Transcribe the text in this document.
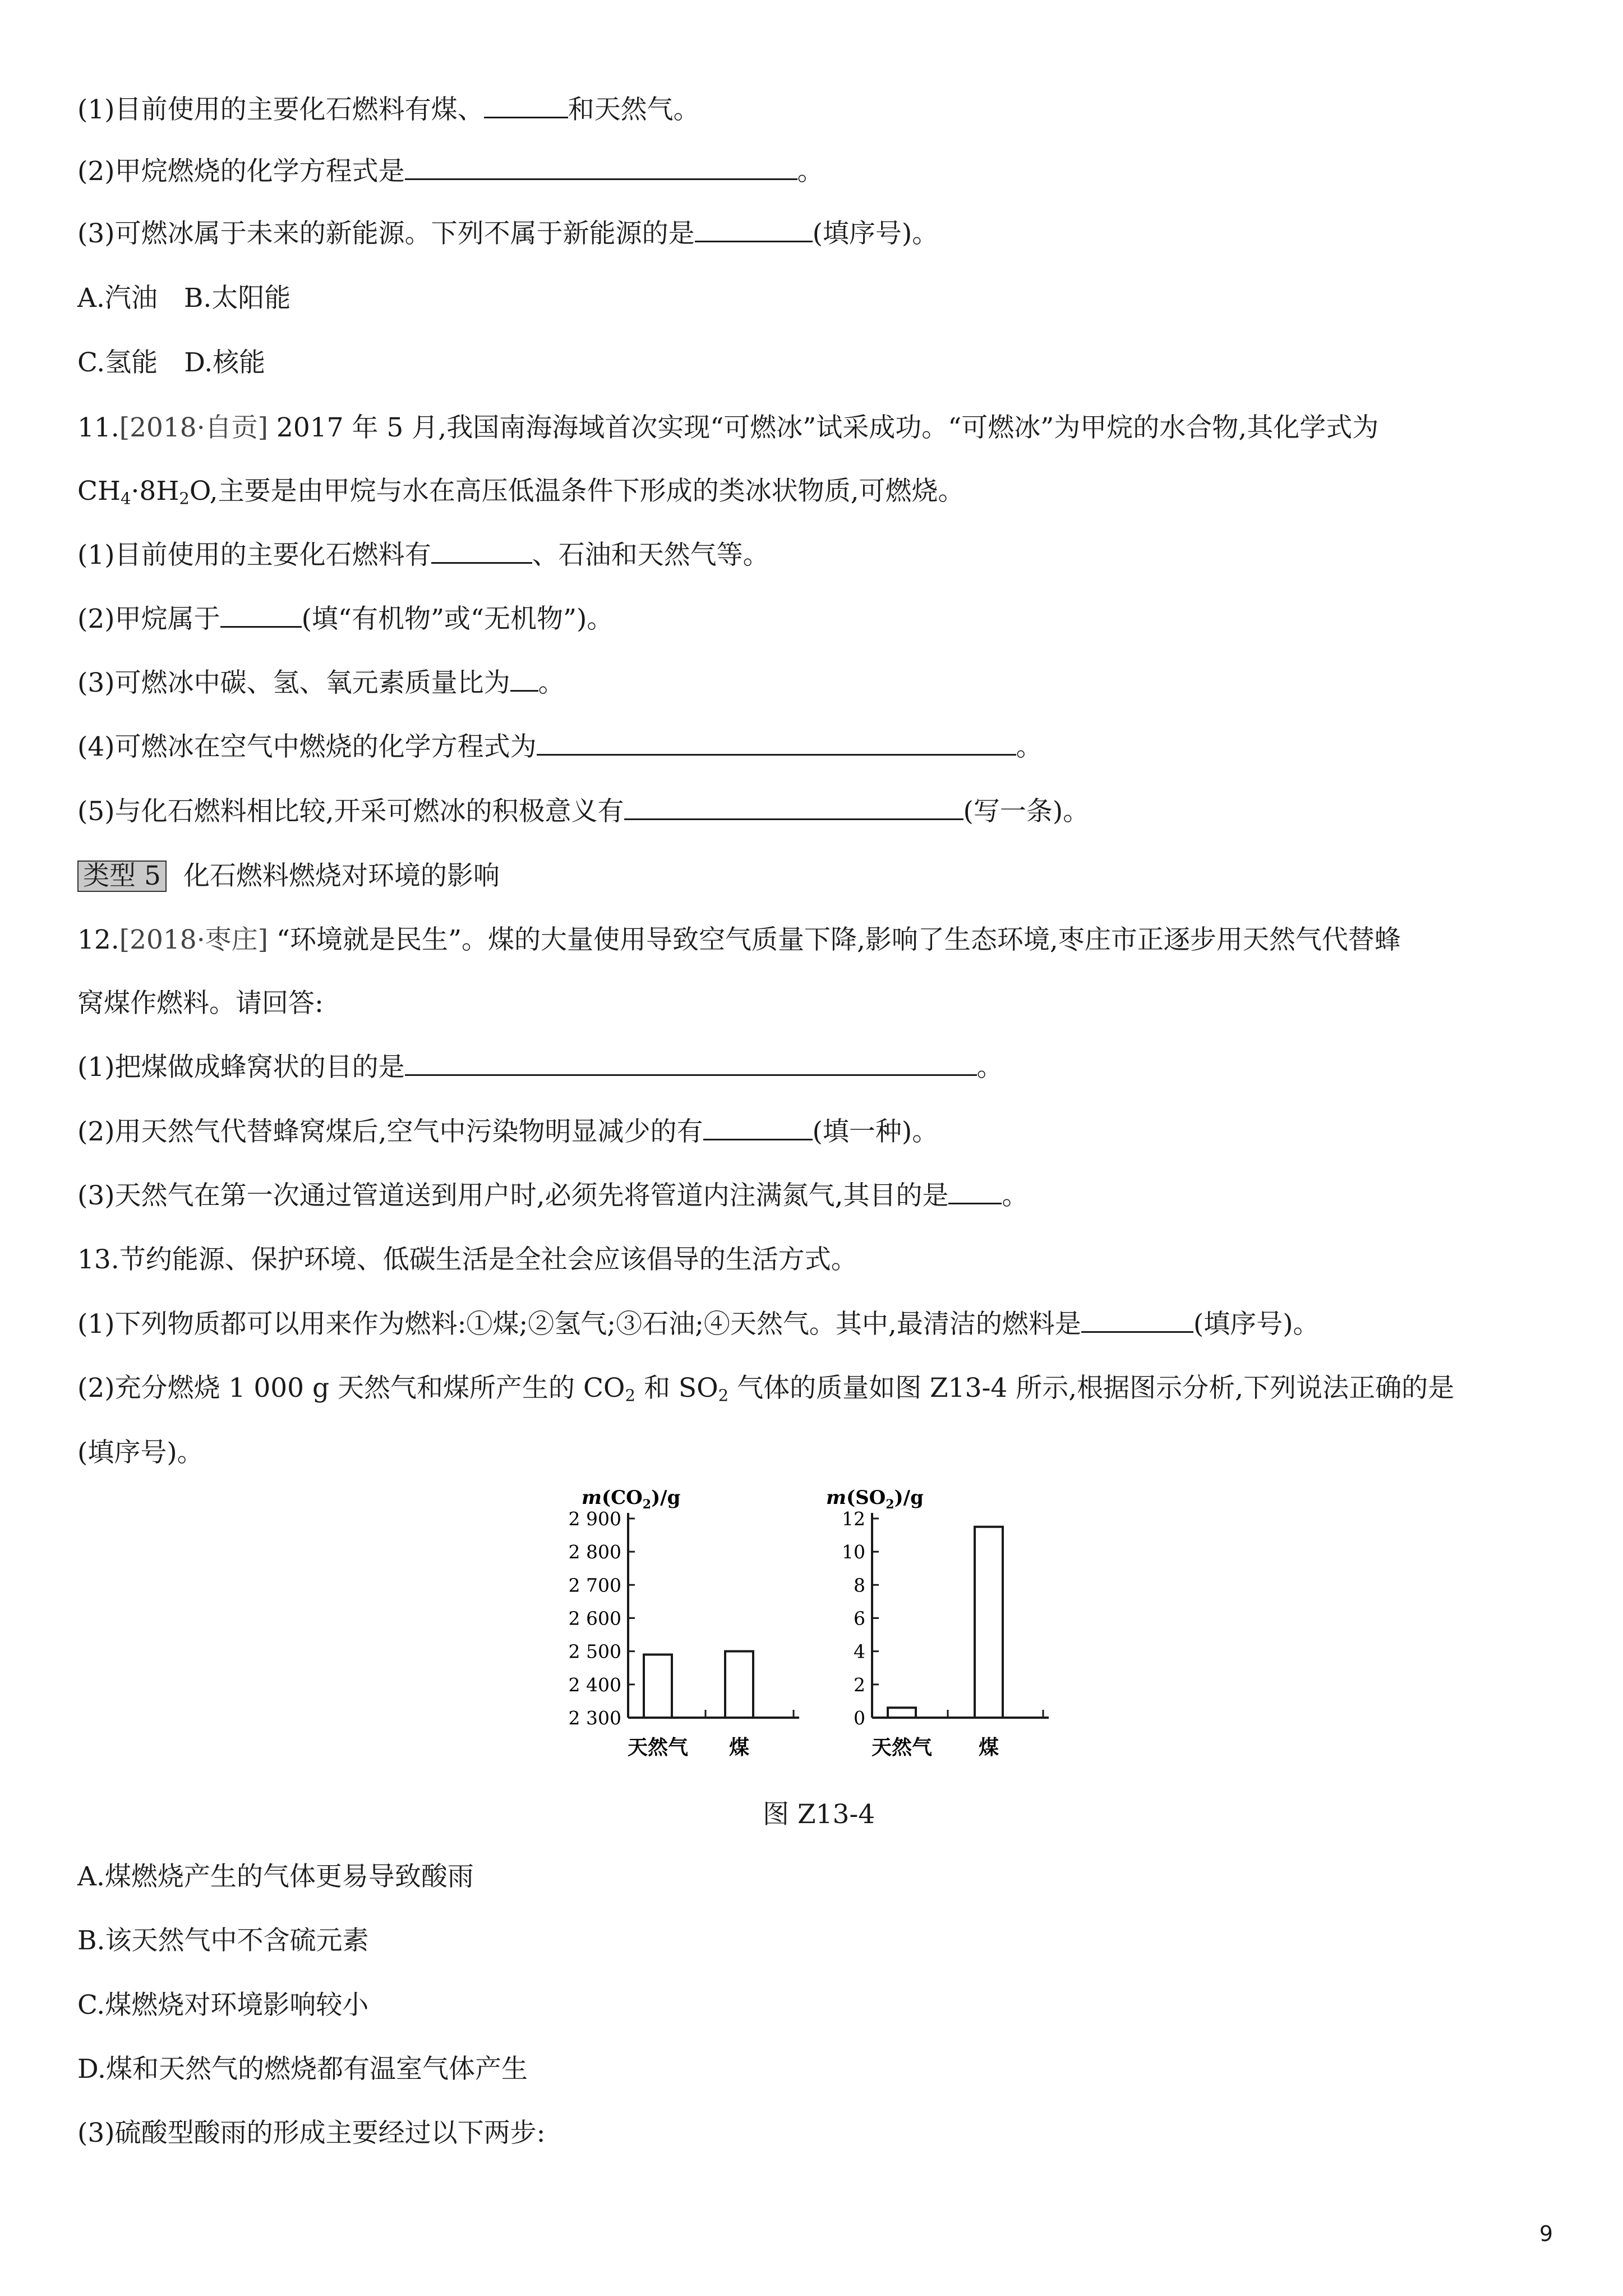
(1)目前使用的主要化石燃料有煤、	和天然气。
(2)甲烷燃烧的化学方程式是	。
(3)可燃冰属于未来的新能源。下列不属于新能源的是	(填序号)。
A.汽油　B.太阳能
C.氢能　D.核能
11.[2018·自贡] 2017 年 5 月,我国南海海域首次实现“可燃冰”试采成功。“可燃冰”为甲烷的水合物,其化学式为
$CH_4\cdot 8H_2O$,主要是由甲烷与水在高压低温条件下形成的类冰状物质,可燃烧。
(1)目前使用的主要化石燃料有	、石油和天然气等。
(2)甲烷属于	(填“有机物”或“无机物”)。
(3)可燃冰中碳、氢、氧元素质量比为 。
(4)可燃冰在空气中燃烧的化学方程式为	。
(5)与化石燃料相比较,开采可燃冰的积极意义有	(写一条)。
类型 5 化石燃料燃烧对环境的影响
12.[2018·枣庄] “环境就是民生”。煤的大量使用导致空气质量下降,影响了生态环境,枣庄市正逐步用天然气代替蜂
窝煤作燃料。请回答:
(1)把煤做成蜂窝状的目的是	。
(2)用天然气代替蜂窝煤后,空气中污染物明显减少的有	(填一种)。
(3)天然气在第一次通过管道送到用户时,必须先将管道内注满氮气,其目的是 。
13.节约能源、保护环境、低碳生活是全社会应该倡导的生活方式。
(1)下列物质都可以用来作为燃料:①煤;②氢气;③石油;④天然气。其中,最清洁的燃料是	(填序号)。
(2)充分燃烧 1 000 g 天然气和煤所产生的 $CO_2$ 和 $SO_2$ 气体的质量如图 Z13-4 所示,根据图示分析,下列说法正确的是
(填序号)。
$m(CO_2)/g$
2 300
2 400
2 500
2 600
2 700
2 800
2 900
天然气 煤
$m(SO_2)/g$
0
2
4
6
8
10
12
天然气 煤
图 Z13-4
A.煤燃烧产生的气体更易导致酸雨
B.该天然气中不含硫元素
C.煤燃烧对环境影响较小
D.煤和天然气的燃烧都有温室气体产生
(3)硫酸型酸雨的形成主要经过以下两步:
9
